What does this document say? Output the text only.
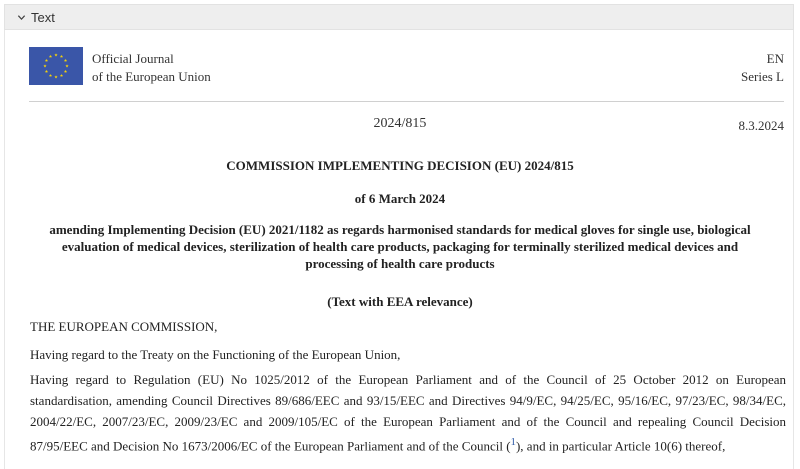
Text
Official Journal
of the European Union
EN
Series L
2024/815	8.3.2024
COMMISSION IMPLEMENTING DECISION (EU) 2024/815
of 6 March 2024
amending Implementing Decision (EU) 2021/1182 as regards harmonised standards for medical gloves for single use, biological evaluation of medical devices, sterilization of health care products, packaging for terminally sterilized medical devices and processing of health care products
(Text with EEA relevance)
THE EUROPEAN COMMISSION,
Having regard to the Treaty on the Functioning of the European Union,
Having regard to Regulation (EU) No 1025/2012 of the European Parliament and of the Council of 25 October 2012 on European standardisation, amending Council Directives 89/686/EEC and 93/15/EEC and Directives 94/9/EC, 94/25/EC, 95/16/EC, 97/23/EC, 98/34/EC, 2004/22/EC, 2007/23/EC, 2009/23/EC and 2009/105/EC of the European Parliament and of the Council and repealing Council Decision 87/95/EEC and Decision No 1673/2006/EC of the European Parliament and of the Council ($^1$), and in particular Article 10(6) thereof,
